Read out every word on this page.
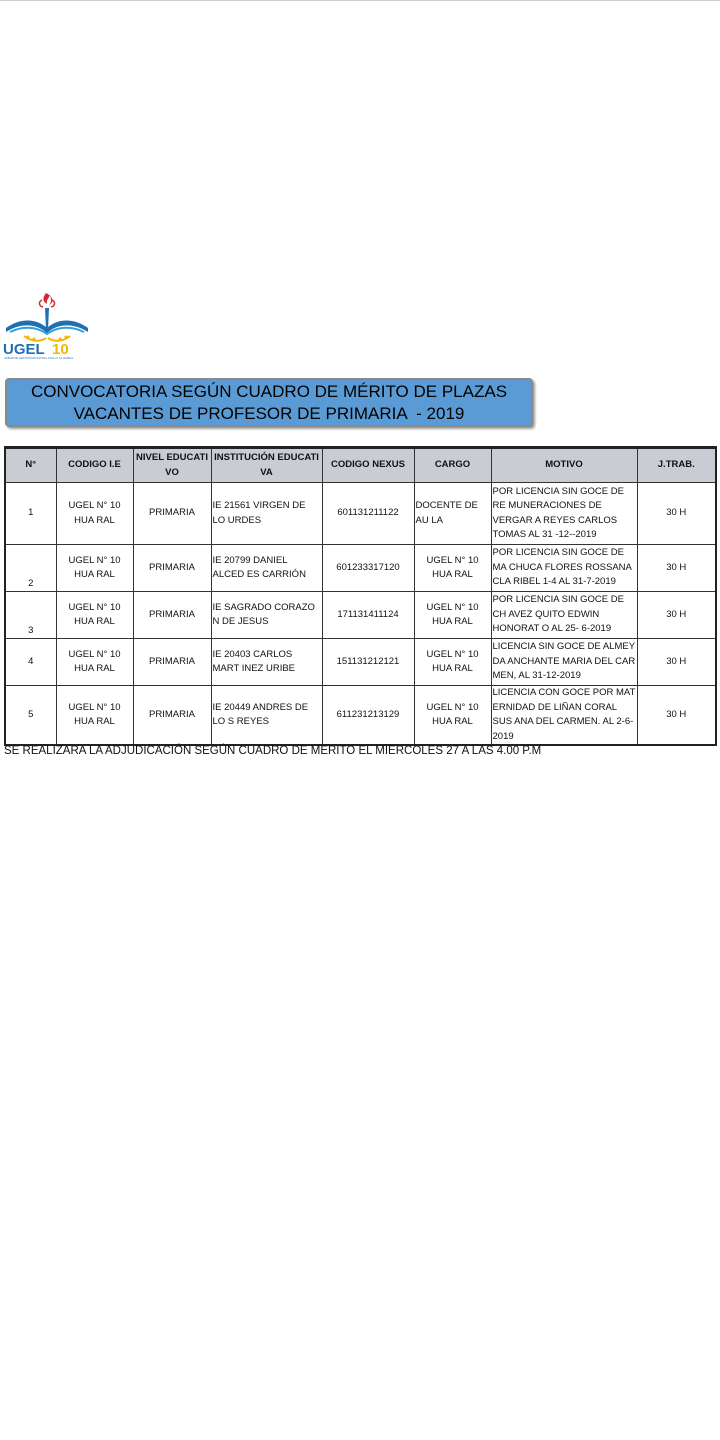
UGEL 10
UNIDAD DE GESTIÓN EDUCATIVA LOCAL N° 10 HUARAL
CONVOCATORIA SEGÚN CUADRO DE MÉRITO DE PLAZAS
VACANTES DE PROFESOR DE PRIMARIA  - 2019
N°	CODIGO I.E	NIVEL EDUCATI VO	INSTITUCIÓN EDUCATI VA	CODIGO NEXUS	CARGO	MOTIVO	J.TRAB.
1	UGEL N° 10 HUA RAL	PRIMARIA	IE 21561 VIRGEN DE LO URDES	601131211122	DOCENTE DE AU LA	POR LICENCIA SIN GOCE DE RE MUNERACIONES DE VERGAR A REYES CARLOS TOMAS AL 31 -12--2019	30 H
2	UGEL N° 10 HUA RAL	PRIMARIA	IE 20799 DANIEL ALCED ES CARRIÓN	601233317120	UGEL N° 10 HUA RAL	POR LICENCIA SIN GOCE DE MA CHUCA FLORES ROSSANA CLA RIBEL 1-4 AL 31-7-2019	30 H
3	UGEL N° 10 HUA RAL	PRIMARIA	IE SAGRADO CORAZO N DE JESUS	171131411124	UGEL N° 10 HUA RAL	POR LICENCIA SIN GOCE DE CH AVEZ QUITO EDWIN HONORAT O AL 25- 6-2019	30 H
4	UGEL N° 10 HUA RAL	PRIMARIA	IE 20403 CARLOS MART INEZ URIBE	151131212121	UGEL N° 10 HUA RAL	LICENCIA SIN GOCE DE ALMEY DA ANCHANTE MARIA DEL CAR MEN, AL 31-12-2019	30 H
5	UGEL N° 10 HUA RAL	PRIMARIA	IE 20449 ANDRES DE LO S REYES	611231213129	UGEL N° 10 HUA RAL	LICENCIA CON GOCE POR MAT ERNIDAD DE LIÑAN CORAL SUS ANA DEL CARMEN. AL 2-6-2019	30 H
SE REALIZARA LA ADJUDICACIÓN SEGÚN CUADRO DE MERITO EL MIERCOLES 27 A LAS 4.00 P.M
